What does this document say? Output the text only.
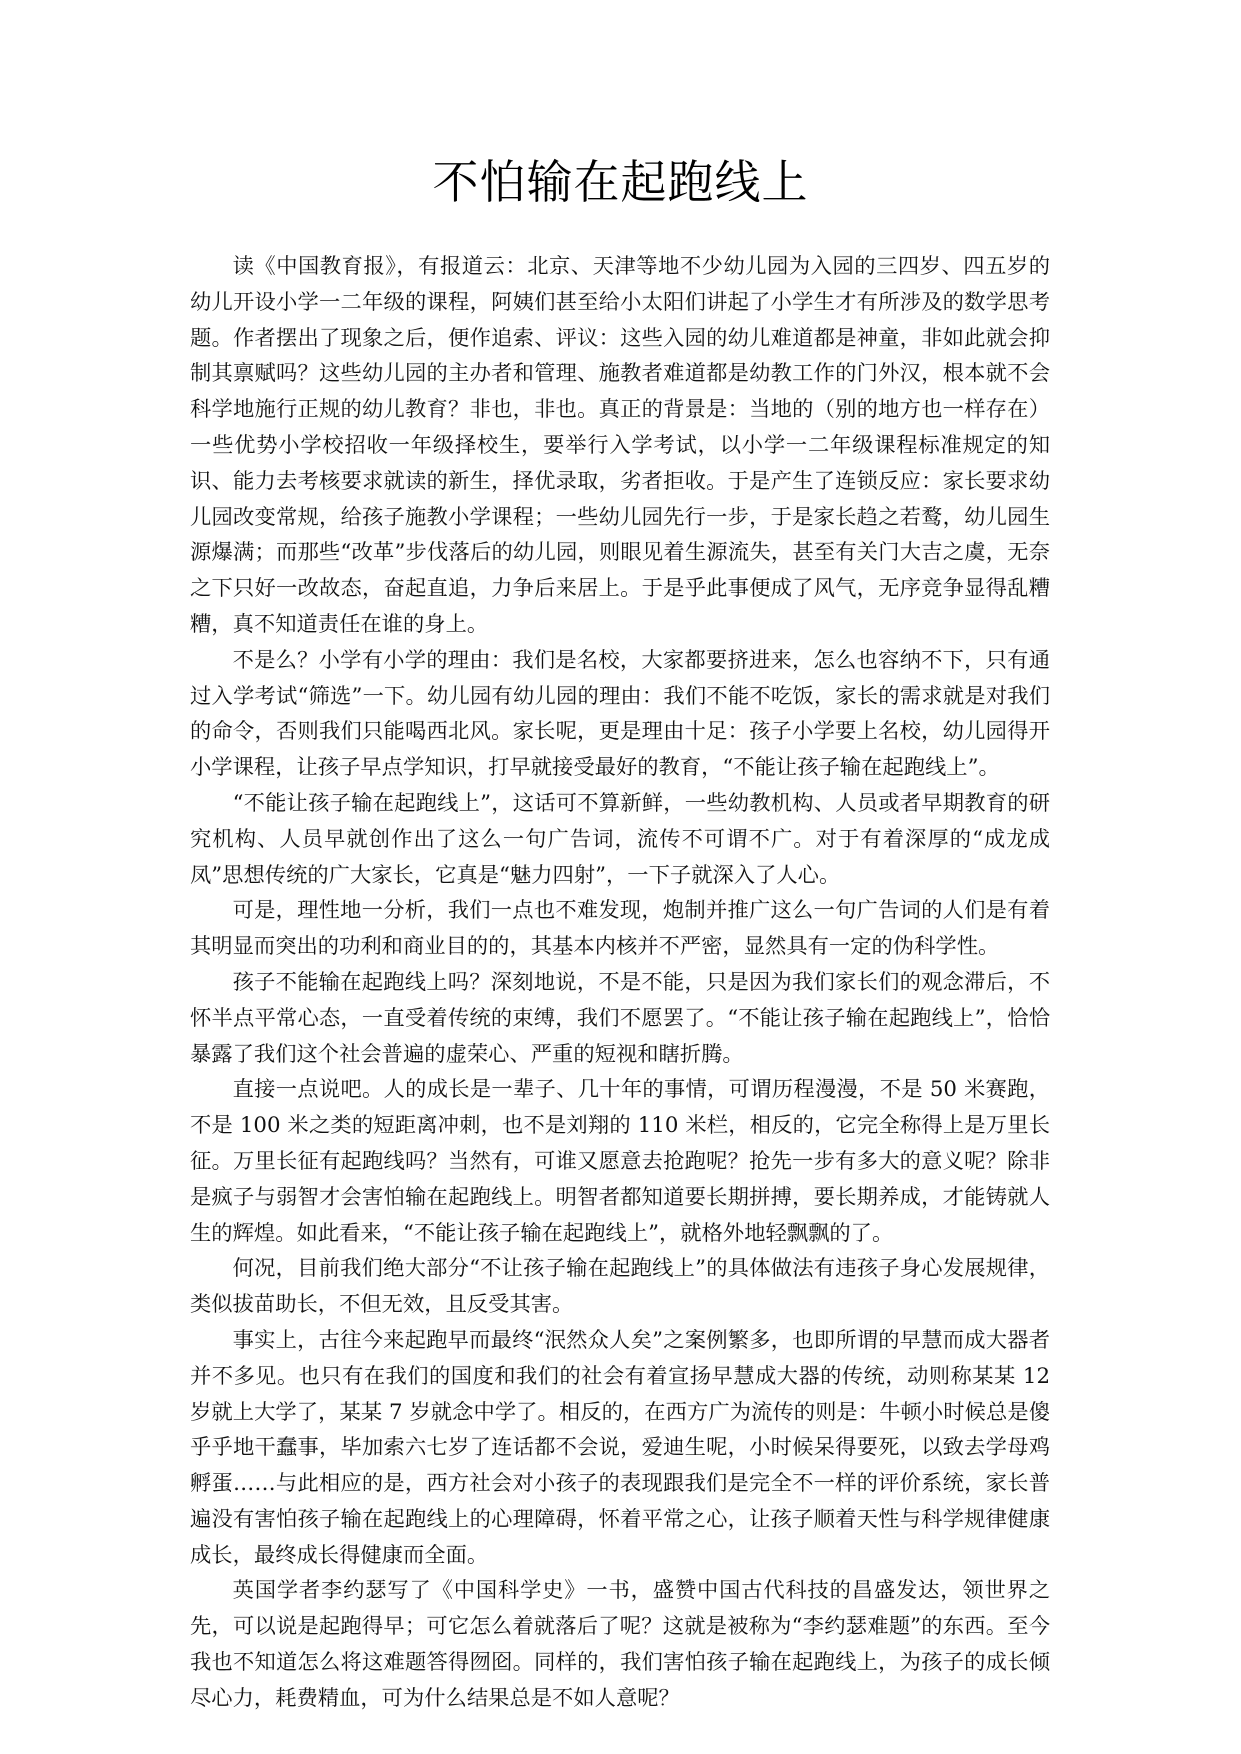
不怕输在起跑线上

读《中国教育报》，有报道云：北京、天津等地不少幼儿园为入园的三四岁、四五岁的幼儿开设小学一二年级的课程，阿姨们甚至给小太阳们讲起了小学生才有所涉及的数学思考题。作者摆出了现象之后，便作追索、评议：这些入园的幼儿难道都是神童，非如此就会抑制其禀赋吗？这些幼儿园的主办者和管理、施教者难道都是幼教工作的门外汉，根本就不会科学地施行正规的幼儿教育？非也，非也。真正的背景是：当地的（别的地方也一样存在）一些优势小学校招收一年级择校生，要举行入学考试，以小学一二年级课程标准规定的知识、能力去考核要求就读的新生，择优录取，劣者拒收。于是产生了连锁反应：家长要求幼儿园改变常规，给孩子施教小学课程；一些幼儿园先行一步，于是家长趋之若鹜，幼儿园生源爆满；而那些“改革”步伐落后的幼儿园，则眼见着生源流失，甚至有关门大吉之虞，无奈之下只好一改故态，奋起直追，力争后来居上。于是乎此事便成了风气，无序竞争显得乱糟糟，真不知道责任在谁的身上。

不是么？小学有小学的理由：我们是名校，大家都要挤进来，怎么也容纳不下，只有通过入学考试“筛选”一下。幼儿园有幼儿园的理由：我们不能不吃饭，家长的需求就是对我们的命令，否则我们只能喝西北风。家长呢，更是理由十足：孩子小学要上名校，幼儿园得开小学课程，让孩子早点学知识，打早就接受最好的教育，“不能让孩子输在起跑线上”。

“不能让孩子输在起跑线上”，这话可不算新鲜，一些幼教机构、人员或者早期教育的研究机构、人员早就创作出了这么一句广告词，流传不可谓不广。对于有着深厚的“成龙成凤”思想传统的广大家长，它真是“魅力四射”，一下子就深入了人心。

可是，理性地一分析，我们一点也不难发现，炮制并推广这么一句广告词的人们是有着其明显而突出的功利和商业目的的，其基本内核并不严密，显然具有一定的伪科学性。

孩子不能输在起跑线上吗？深刻地说，不是不能，只是因为我们家长们的观念滞后，不怀半点平常心态，一直受着传统的束缚，我们不愿罢了。“不能让孩子输在起跑线上”，恰恰暴露了我们这个社会普遍的虚荣心、严重的短视和瞎折腾。

直接一点说吧。人的成长是一辈子、几十年的事情，可谓历程漫漫，不是 50 米赛跑，不是 100 米之类的短距离冲刺，也不是刘翔的 110 米栏，相反的，它完全称得上是万里长征。万里长征有起跑线吗？当然有，可谁又愿意去抢跑呢？抢先一步有多大的意义呢？除非是疯子与弱智才会害怕输在起跑线上。明智者都知道要长期拼搏，要长期养成，才能铸就人生的辉煌。如此看来，“不能让孩子输在起跑线上”，就格外地轻飘飘的了。

何况，目前我们绝大部分“不让孩子输在起跑线上”的具体做法有违孩子身心发展规律，类似拔苗助长，不但无效，且反受其害。

事实上，古往今来起跑早而最终“泯然众人矣”之案例繁多，也即所谓的早慧而成大器者并不多见。也只有在我们的国度和我们的社会有着宣扬早慧成大器的传统，动则称某某 12 岁就上大学了，某某 7 岁就念中学了。相反的，在西方广为流传的则是：牛顿小时候总是傻乎乎地干蠢事，毕加索六七岁了连话都不会说，爱迪生呢，小时候呆得要死，以致去学母鸡孵蛋……与此相应的是，西方社会对小孩子的表现跟我们是完全不一样的评价系统，家长普遍没有害怕孩子输在起跑线上的心理障碍，怀着平常之心，让孩子顺着天性与科学规律健康成长，最终成长得健康而全面。

英国学者李约瑟写了《中国科学史》一书，盛赞中国古代科技的昌盛发达，领世界之先，可以说是起跑得早；可它怎么着就落后了呢？这就是被称为“李约瑟难题”的东西。至今我也不知道怎么将这难题答得囫囵。同样的，我们害怕孩子输在起跑线上，为孩子的成长倾尽心力，耗费精血，可为什么结果总是不如人意呢？
